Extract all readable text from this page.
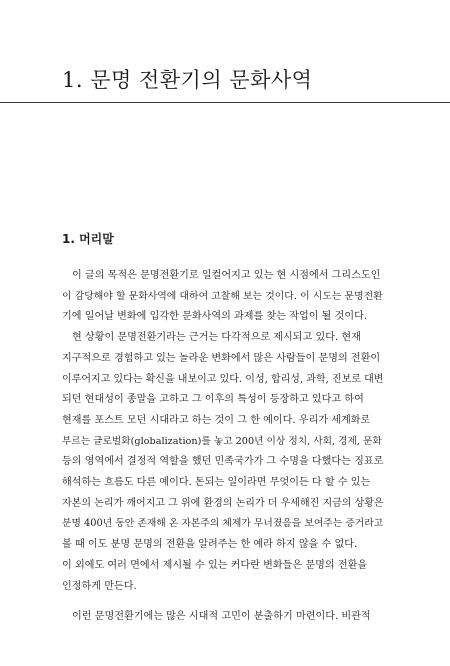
1. 문명 전환기의 문화사역
1. 머리말
이 글의 목적은 문명전환기로 일컬어지고 있는 현 시점에서 그리스도인
이 감당해야 할 문화사역에 대하여 고찰해 보는 것이다. 이 시도는 문명전환
기에 일어날 변화에 입각한 문화사역의 과제를 찾는 작업이 될 것이다.
현 상황이 문명전환기라는 근거는 다각적으로 제시되고 있다. 현재
지구적으로 경험하고 있는 놀라운 변화에서 많은 사람들이 문명의 전환이
이루어지고 있다는 확신을 내보이고 있다. 이성, 합리성, 과학, 진보로 대변
되던 현대성이 종말을 고하고 그 이후의 특성이 등장하고 있다고 하여
현재를 포스트 모던 시대라고 하는 것이 그 한 예이다. 우리가 세계화로
부르는 글로벌화(globalization)를 놓고 200년 이상 정치, 사회, 경제, 문화
등의 영역에서 결정적 역할을 했던 민족국가가 그 수명을 다했다는 징표로
해석하는 흐름도 다른 예이다. 돈되는 일이라면 무엇이든 다 할 수 있는
자본의 논리가 깨어지고 그 위에 환경의 논리가 더 우세해진 지금의 상황은
분명 400년 동안 존재해 온 자본주의 체제가 무너졌음을 보여주는 증거라고
볼 때 이도 분명 문명의 전환을 알려주는 한 예라 하지 않을 수 없다.
이 외에도 여러 면에서 제시될 수 있는 커다란 변화들은 문명의 전환을
인정하게 만든다.
이런 문명전환기에는 많은 시대적 고민이 분출하기 마련이다. 비관적
